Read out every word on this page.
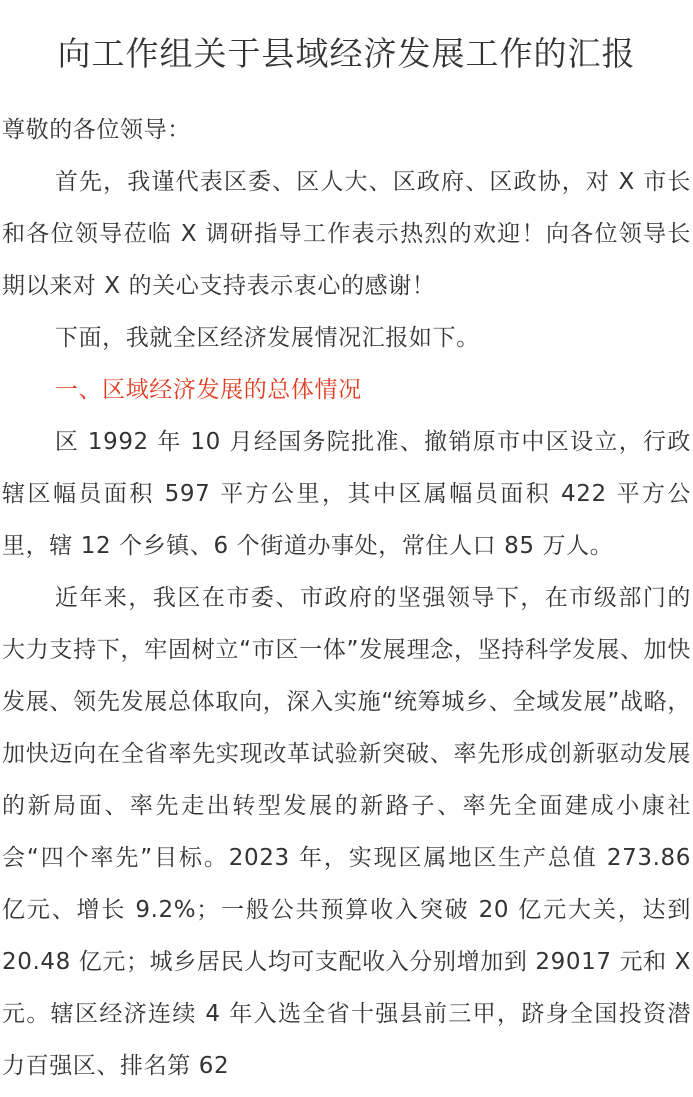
向工作组关于县域经济发展工作的汇报

尊敬的各位领导：

首先，我谨代表区委、区人大、区政府、区政协，对 X 市长和各位领导莅临 X 调研指导工作表示热烈的欢迎！向各位领导长期以来对 X 的关心支持表示衷心的感谢！

下面，我就全区经济发展情况汇报如下。

一、区域经济发展的总体情况

区 1992 年 10 月经国务院批准、撤销原市中区设立，行政辖区幅员面积 597 平方公里，其中区属幅员面积 422 平方公里，辖 12 个乡镇、6 个街道办事处，常住人口 85 万人。

近年来，我区在市委、市政府的坚强领导下，在市级部门的大力支持下，牢固树立“市区一体”发展理念，坚持科学发展、加快发展、领先发展总体取向，深入实施“统筹城乡、全域发展”战略，加快迈向在全省率先实现改革试验新突破、率先形成创新驱动发展的新局面、率先走出转型发展的新路子、率先全面建成小康社会“四个率先”目标。2023 年，实现区属地区生产总值 273.86 亿元、增长 9.2%；一般公共预算收入突破 20 亿元大关，达到 20.48 亿元；城乡居民人均可支配收入分别增加到 29017 元和 X 元。辖区经济连续 4 年入选全省十强县前三甲，跻身全国投资潜力百强区、排名第 62
